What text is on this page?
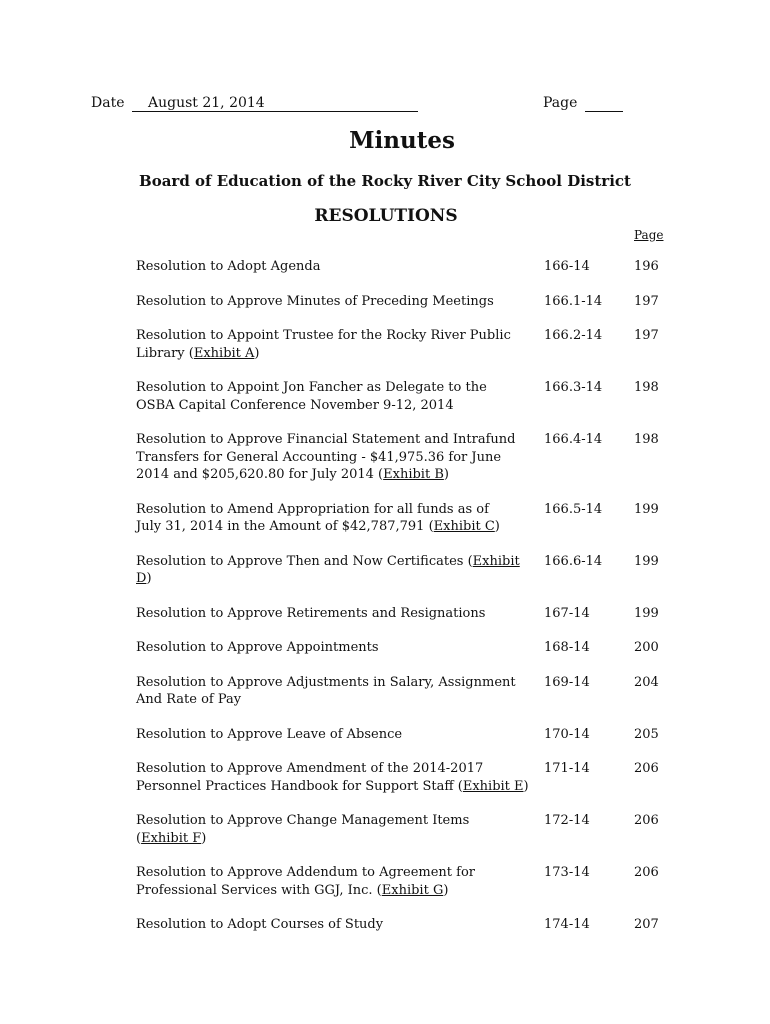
Date August 21, 2014	Page
Minutes
Board of Education of the Rocky River City School District
RESOLUTIONS
Page
Resolution to Adopt Agenda	166-14	196
Resolution to Approve Minutes of Preceding Meetings	166.1-14 197
Resolution to Appoint Trustee for the Rocky River Public
Library (Exhibit A)
166.2-14 197
Resolution to Appoint Jon Fancher as Delegate to the
OSBA Capital Conference November 9-12, 2014
166.3-14 198
Resolution to Approve Financial Statement and Intrafund
Transfers for General Accounting - $41,975.36 for June
2014 and $205,620.80 for July 2014 (Exhibit B)
166.4-14 198
Resolution to Amend Appropriation for all funds as of
July 31, 2014 in the Amount of $42,787,791 (Exhibit C)
166.5-14 199
Resolution to Approve Then and Now Certificates (Exhibit D)
166.6-14 199
Resolution to Approve Retirements and Resignations	167-14	199
Resolution to Approve Appointments	168-14	200
Resolution to Approve Adjustments in Salary, Assignment
And Rate of Pay
169-14	204
Resolution to Approve Leave of Absence	170-14	205
Resolution to Approve Amendment of the 2014-2017
Personnel Practices Handbook for Support Staff (Exhibit E)
171-14	206
Resolution to Approve Change Management Items
(Exhibit F)
172-14	206
Resolution to Approve Addendum to Agreement for
Professional Services with GGJ, Inc. (Exhibit G)
173-14	206
Resolution to Adopt Courses of Study	174-14	207
